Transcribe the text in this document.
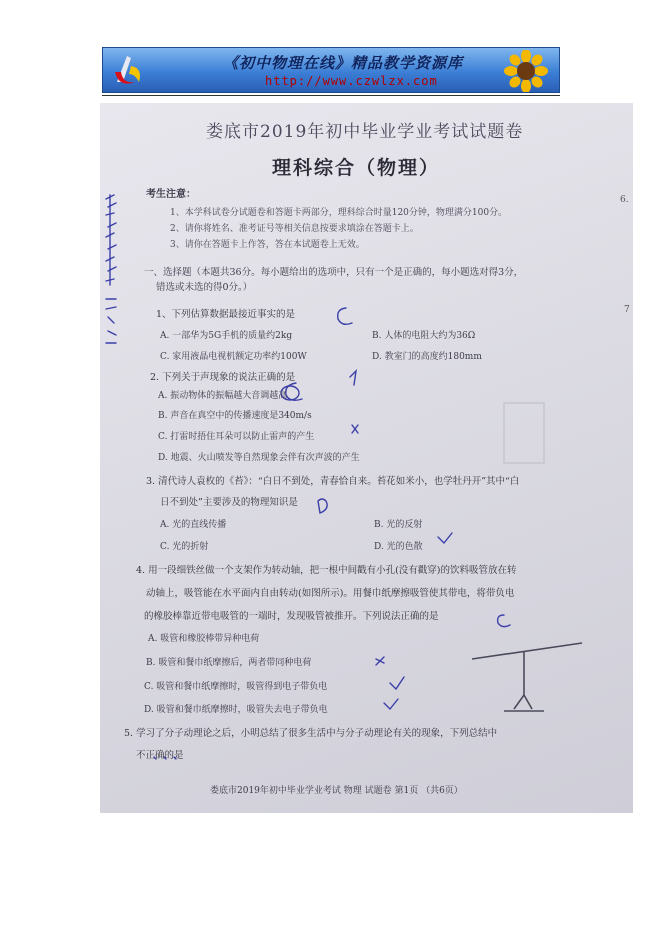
《初中物理在线》精品教学资源库
http://www.czwlzx.com
娄底市2019年初中毕业学业考试试题卷
理科综合（物理）
考生注意：
1、本学科试卷分试题卷和答题卡两部分，理科综合时量120分钟，物理满分100分。
2、请你将姓名、准考证号等相关信息按要求填涂在答题卡上。
3、请你在答题卡上作答，答在本试题卷上无效。
一、选择题（本题共36分。每小题给出的选项中，只有一个是正确的，每小题选对得3分，
错选或未选的得0分。）
1、下列估算数据最接近事实的是
A. 一部华为5G手机的质量约2kg	B. 人体的电阻大约为36Ω
C. 家用液晶电视机额定功率约100W	D. 教室门的高度约180mm
2. 下列关于声现象的说法正确的是
A. 振动物体的振幅越大音调越高
B. 声音在真空中的传播速度是340m/s
C. 打雷时捂住耳朵可以防止雷声的产生
D. 地震、火山喷发等自然现象会伴有次声波的产生
3. 清代诗人袁枚的《苔》：“白日不到处，青春恰自来。苔花如米小，也学牡丹开”其中“白
日不到处”主要涉及的物理知识是
A. 光的直线传播	B. 光的反射
C. 光的折射	D. 光的色散
4. 用一段细铁丝做一个支架作为转动轴，把一根中间戳有小孔(没有戳穿)的饮料吸管放在转
动轴上，吸管能在水平面内自由转动(如图所示)。用餐巾纸摩擦吸管使其带电，将带负电
的橡胶棒靠近带电吸管的一端时，发现吸管被推开。下列说法正确的是
A. 吸管和橡胶棒带异种电荷
B. 吸管和餐巾纸摩擦后，两者带同种电荷
C. 吸管和餐巾纸摩擦时，吸管得到电子带负电
D. 吸管和餐巾纸摩擦时，吸管失去电子带负电
5. 学习了分子动理论之后，小明总结了很多生活中与分子动理论有关的现象，下列总结中
不正确的是
娄底市2019年初中毕业学业考试 物理 试题卷 第1页 （共6页）
6.
7
